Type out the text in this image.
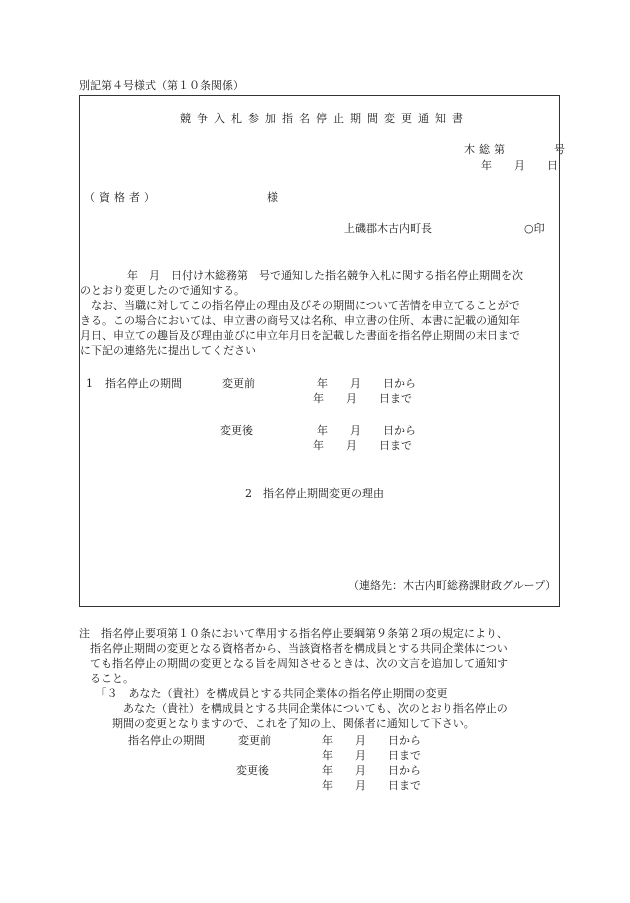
別記第４号様式（第１０条関係）
競争入札参加指名停止期間変更通知書
木総第　　　号
年　　月　　日
（資格者）	様
上磯郡木古内町長	○印
年　月　日付け木総務第　号で通知した指名競争入札に関する指名停止期間を次
のとおり変更したので通知する。
　なお、当職に対してこの指名停止の理由及びその期間について苦情を申立てることがで
きる。この場合においては、申立書の商号又は名称、申立書の住所、本書に記載の通知年
月日、申立ての趣旨及び理由並びに申立年月日を記載した書面を指名停止期間の末日まで
に下記の連絡先に提出してください
1 指名停止の期間	変更前	年　　月　　日から
年　　月　　日まで
変更後	年　　月　　日から
年　　月　　日まで
2　指名停止期間変更の理由
（連絡先：木古内町総務課財政グループ）
注　指名停止要項第１０条において準用する指名停止要綱第９条第２項の規定により、
　指名停止期間の変更となる資格者から、当該資格者を構成員とする共同企業体につい
　ても指名停止の期間の変更となる旨を周知させるときは、次の文言を追加して通知す
　ること。
　　「３　あなた（貴社）を構成員とする共同企業体の指名停止期間の変更
　　　　あなた（貴社）を構成員とする共同企業体についても、次のとおり指名停止の
　　　期間の変更となりますので、これを了知の上、関係者に通知して下さい。
指名停止の期間	変更前	年　　月　　日から
年　　月　　日まで
変更後	年　　月　　日から
年　　月　　日まで
